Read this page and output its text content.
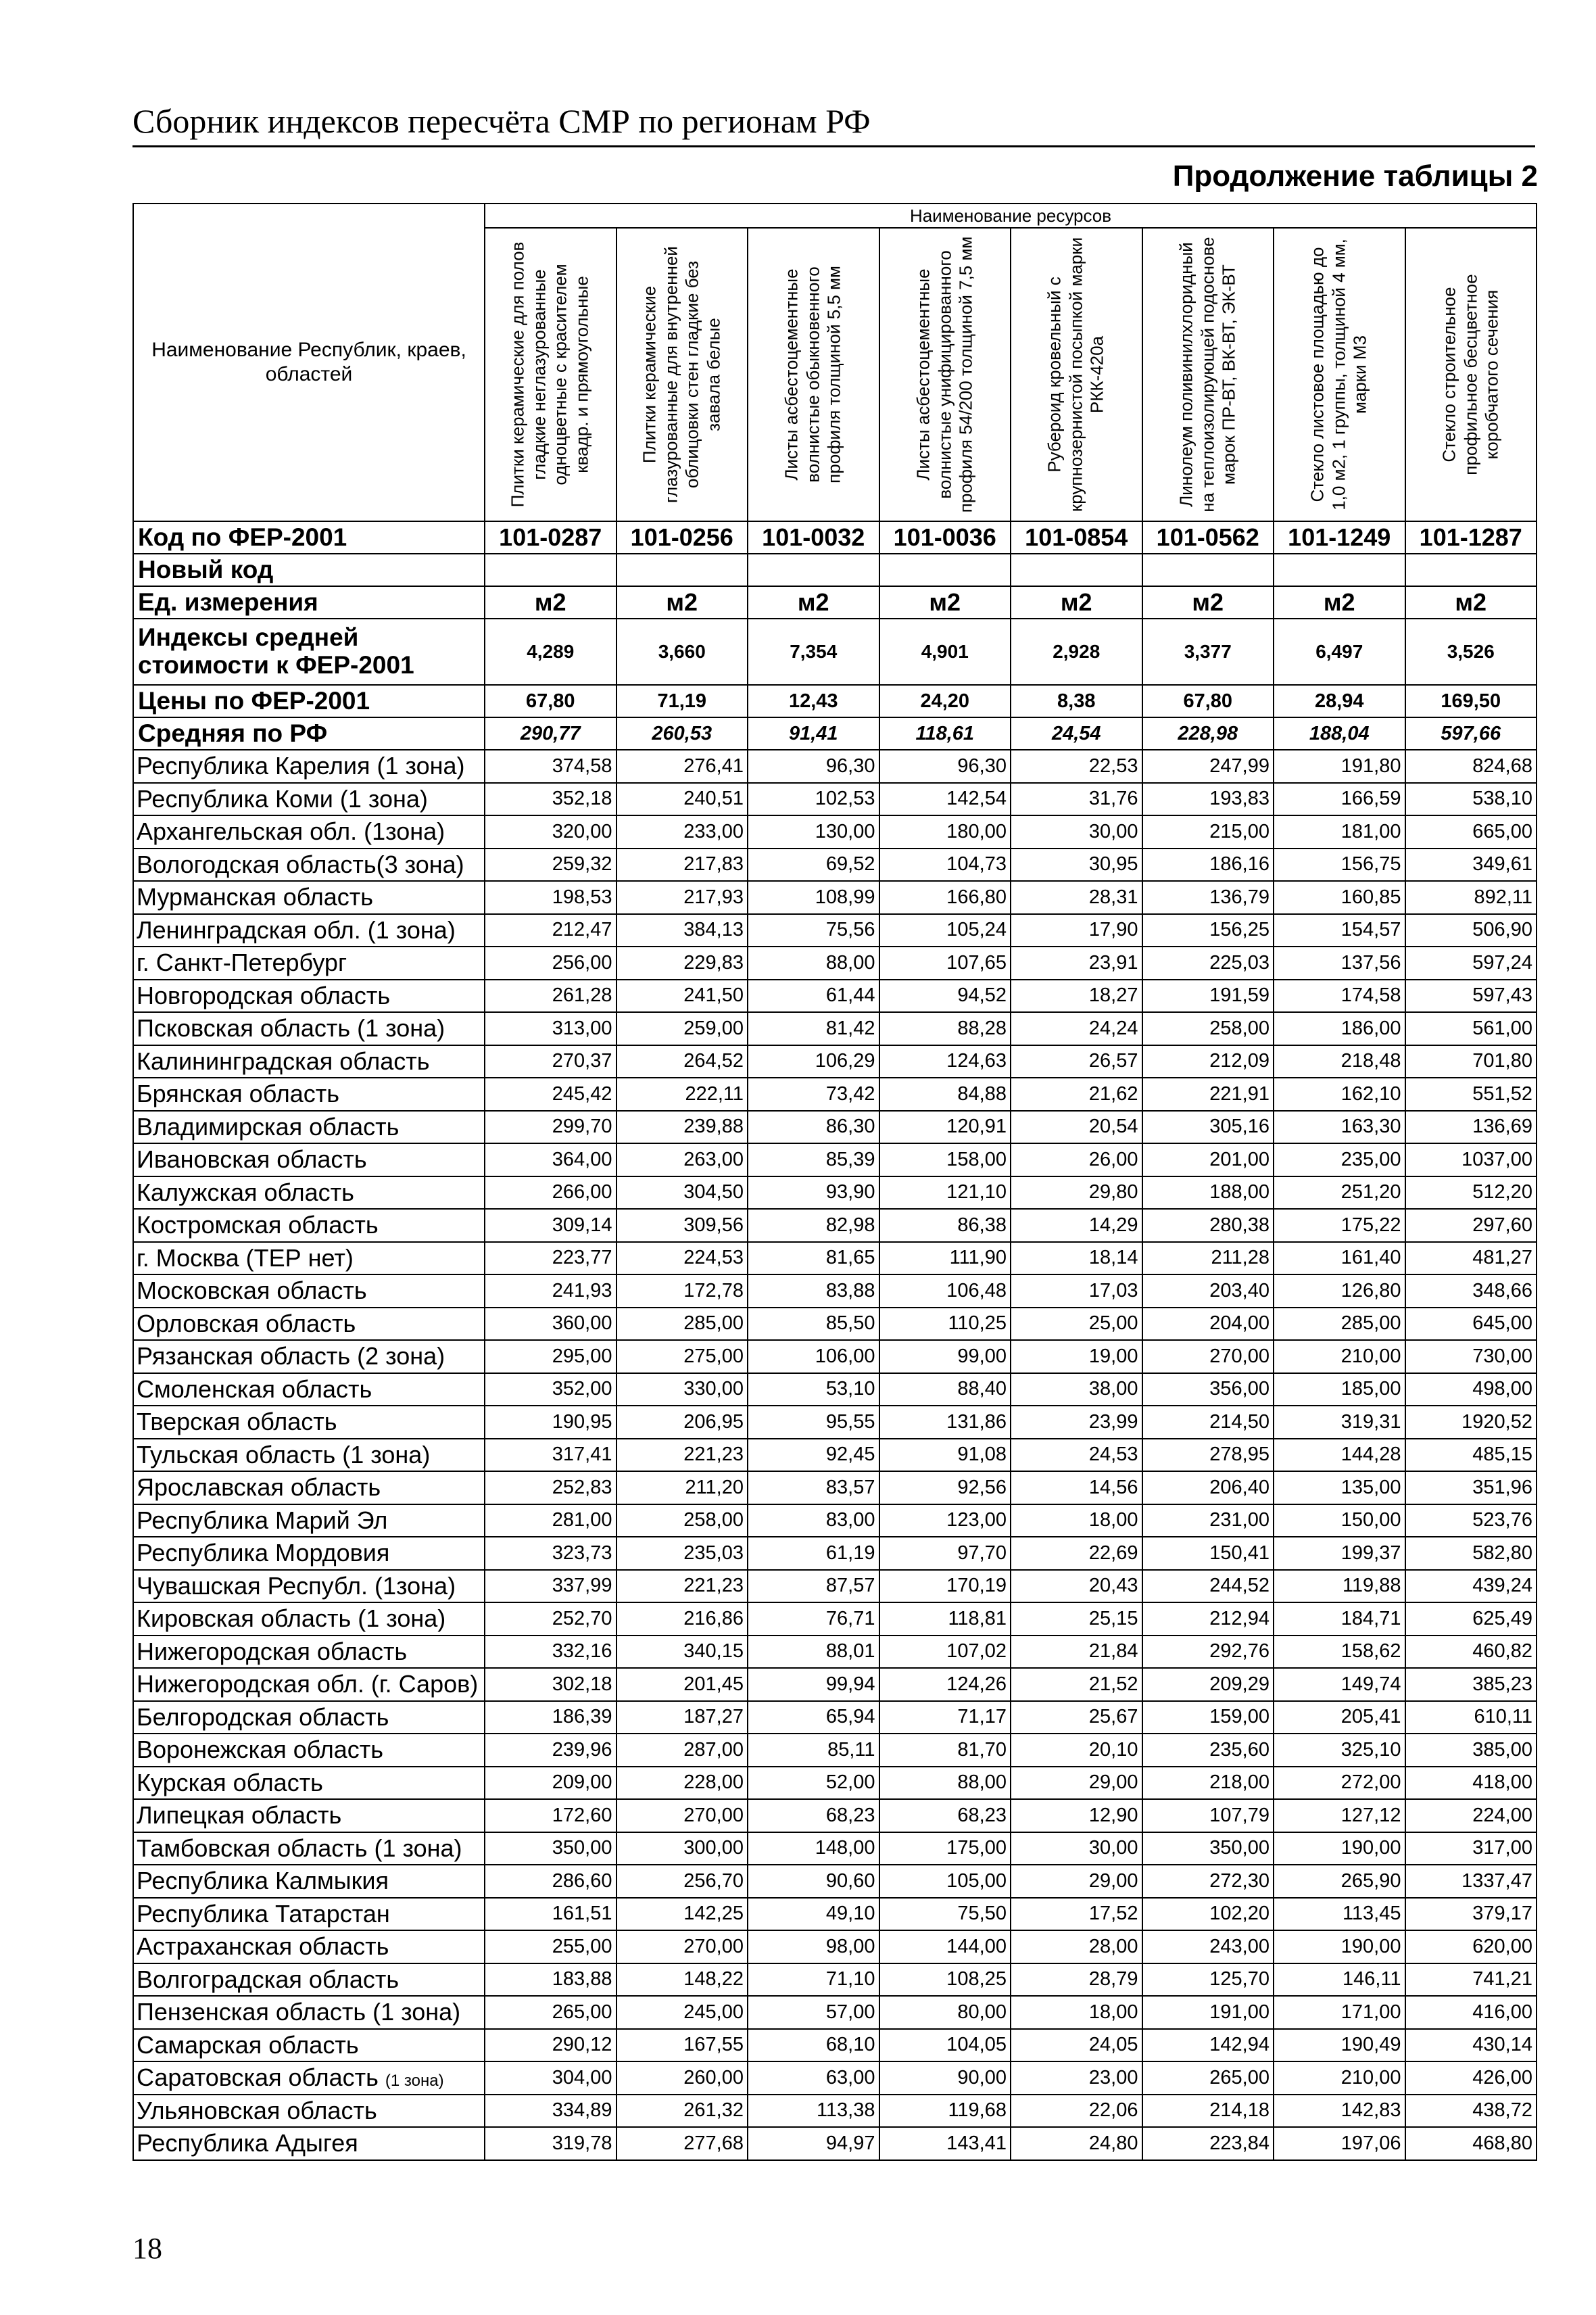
Сборник индексов пересчёта СМР по регионам РФ
Продолжение таблицы 2
Наименование Республик, краев, областей	Наименование ресурсов							

	Плитки керамические для полов гладкие неглазурованные одноцветные с красителем квадр. и прямоугольные	Плитки керамические глазурованные для внутренней облицовки стен гладкие без завала белые	Листы асбестоцементные волнистые обыкновенного профиля толщиной 5,5 мм	Листы асбестоцементные волнистые унифицированного профиля 54/200 толщиной 7,5 мм	Рубероид кровельный с крупнозернистой посыпкой марки РКК-420а	Линолеум поливинилхлоридный на теплоизолирующей подоснове марок ПР-ВТ, ВК-ВТ, ЭК-ВТ	Стекло листовое площадью до 1,0 м2, 1 группы, толщиной 4 мм, марки М3	Стекло строительное профильное бесцветное коробчатого сечения

Код по ФЕР-2001	101-0287	101-0256	101-0032	101-0036	101-0854	101-0562	101-1249	101-1287
Новый код								
Ед. измерения	м2	м2	м2	м2	м2	м2	м2	м2
Индексы средней стоимости к ФЕР-2001	4,289	3,660	7,354	4,901	2,928	3,377	6,497	3,526
Цены по ФЕР-2001	67,80	71,19	12,43	24,20	8,38	67,80	28,94	169,50
Средняя по РФ	290,77	260,53	91,41	118,61	24,54	228,98	188,04	597,66
Республика Карелия (1 зона)	374,58	276,41	96,30	96,30	22,53	247,99	191,80	824,68
Республика Коми (1 зона)	352,18	240,51	102,53	142,54	31,76	193,83	166,59	538,10
Архангельская обл. (1зона)	320,00	233,00	130,00	180,00	30,00	215,00	181,00	665,00
Вологодская область(3 зона)	259,32	217,83	69,52	104,73	30,95	186,16	156,75	349,61
Мурманская область	198,53	217,93	108,99	166,80	28,31	136,79	160,85	892,11
Ленинградская обл. (1 зона)	212,47	384,13	75,56	105,24	17,90	156,25	154,57	506,90
г. Санкт-Петербург	256,00	229,83	88,00	107,65	23,91	225,03	137,56	597,24
Новгородская область	261,28	241,50	61,44	94,52	18,27	191,59	174,58	597,43
Псковская область (1 зона)	313,00	259,00	81,42	88,28	24,24	258,00	186,00	561,00
Калининградская область	270,37	264,52	106,29	124,63	26,57	212,09	218,48	701,80
Брянская область	245,42	222,11	73,42	84,88	21,62	221,91	162,10	551,52
Владимирская область	299,70	239,88	86,30	120,91	20,54	305,16	163,30	136,69
Ивановская область	364,00	263,00	85,39	158,00	26,00	201,00	235,00	1037,00
Калужская область	266,00	304,50	93,90	121,10	29,80	188,00	251,20	512,20
Костромская область	309,14	309,56	82,98	86,38	14,29	280,38	175,22	297,60
г. Москва (ТЕР нет)	223,77	224,53	81,65	111,90	18,14	211,28	161,40	481,27
Московская область	241,93	172,78	83,88	106,48	17,03	203,40	126,80	348,66
Орловская область	360,00	285,00	85,50	110,25	25,00	204,00	285,00	645,00
Рязанская область (2 зона)	295,00	275,00	106,00	99,00	19,00	270,00	210,00	730,00
Смоленская область	352,00	330,00	53,10	88,40	38,00	356,00	185,00	498,00
Тверская область	190,95	206,95	95,55	131,86	23,99	214,50	319,31	1920,52
Тульская область (1 зона)	317,41	221,23	92,45	91,08	24,53	278,95	144,28	485,15
Ярославская область	252,83	211,20	83,57	92,56	14,56	206,40	135,00	351,96
Республика Марий Эл	281,00	258,00	83,00	123,00	18,00	231,00	150,00	523,76
Республика Мордовия	323,73	235,03	61,19	97,70	22,69	150,41	199,37	582,80
Чувашская Республ. (1зона)	337,99	221,23	87,57	170,19	20,43	244,52	119,88	439,24
Кировская область (1 зона)	252,70	216,86	76,71	118,81	25,15	212,94	184,71	625,49
Нижегородская область	332,16	340,15	88,01	107,02	21,84	292,76	158,62	460,82
Нижегородская обл. (г. Саров)	302,18	201,45	99,94	124,26	21,52	209,29	149,74	385,23
Белгородская область	186,39	187,27	65,94	71,17	25,67	159,00	205,41	610,11
Воронежская область	239,96	287,00	85,11	81,70	20,10	235,60	325,10	385,00
Курская область	209,00	228,00	52,00	88,00	29,00	218,00	272,00	418,00
Липецкая область	172,60	270,00	68,23	68,23	12,90	107,79	127,12	224,00
Тамбовская область (1 зона)	350,00	300,00	148,00	175,00	30,00	350,00	190,00	317,00
Республика Калмыкия	286,60	256,70	90,60	105,00	29,00	272,30	265,90	1337,47
Республика Татарстан	161,51	142,25	49,10	75,50	17,52	102,20	113,45	379,17
Астраханская область	255,00	270,00	98,00	144,00	28,00	243,00	190,00	620,00
Волгоградская область	183,88	148,22	71,10	108,25	28,79	125,70	146,11	741,21
Пензенская область (1 зона)	265,00	245,00	57,00	80,00	18,00	191,00	171,00	416,00
Самарская область	290,12	167,55	68,10	104,05	24,05	142,94	190,49	430,14
Саратовская область (1 зона)	304,00	260,00	63,00	90,00	23,00	265,00	210,00	426,00
Ульяновская область	334,89	261,32	113,38	119,68	22,06	214,18	142,83	438,72
Республика Адыгея	319,78	277,68	94,97	143,41	24,80	223,84	197,06	468,80
18
